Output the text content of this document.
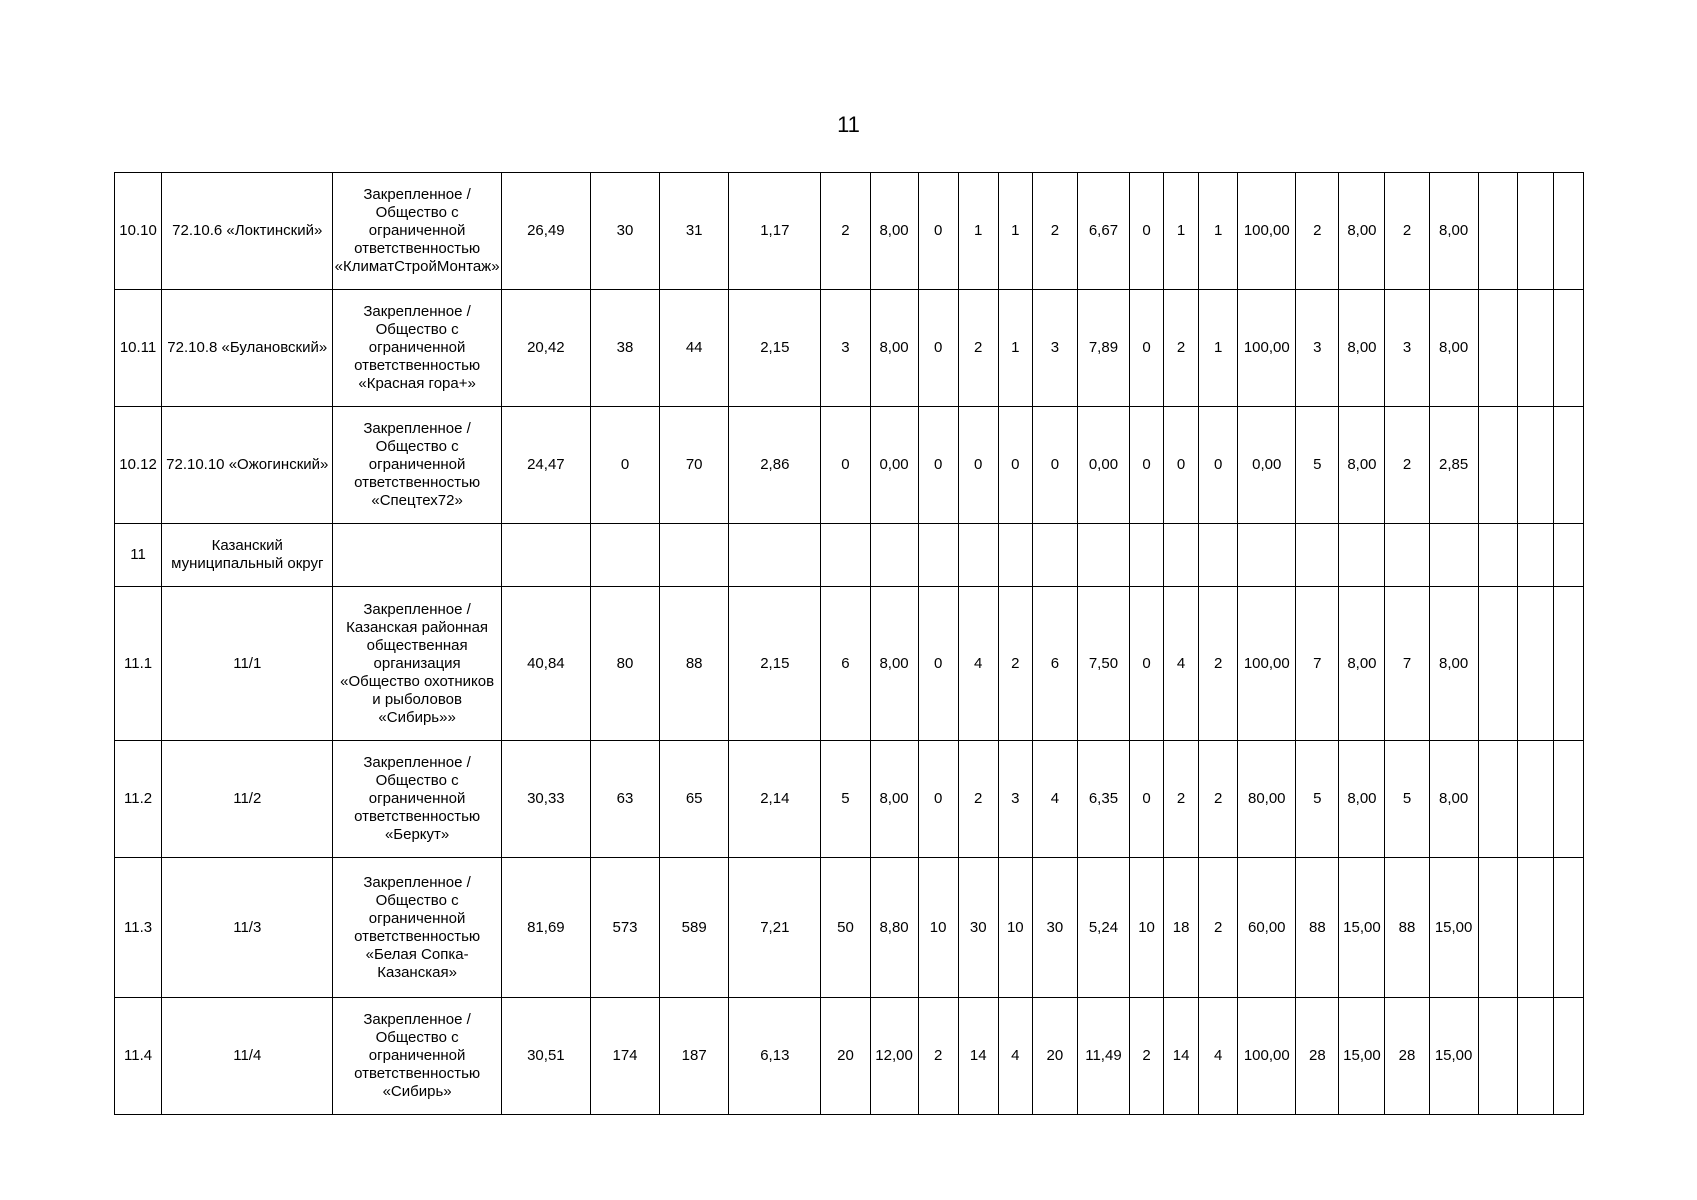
11
10.10	72.10.6 «Локтинский»	Закрепленное / Общество с ограниченной ответственностью «КлиматСтройМонтаж»	26,49	30	31	1,17	2	8,00	0	1	1	2	6,67	0	1	1	100,00	2	8,00	2	8,00			
10.11	72.10.8 «Булановский»	Закрепленное / Общество с ограниченной ответственностью «Красная гора+»	20,42	38	44	2,15	3	8,00	0	2	1	3	7,89	0	2	1	100,00	3	8,00	3	8,00			
10.12	72.10.10 «Ожогинский»	Закрепленное / Общество с ограниченной ответственностью «Спецтех72»	24,47	0	70	2,86	0	0,00	0	0	0	0	0,00	0	0	0	0,00	5	8,00	2	2,85			
11	Казанский муниципальный округ																							
11.1	11/1	Закрепленное / Казанская районная общественная организация «Общество охотников и рыболовов «Сибирь»»	40,84	80	88	2,15	6	8,00	0	4	2	6	7,50	0	4	2	100,00	7	8,00	7	8,00			
11.2	11/2	Закрепленное / Общество с ограниченной ответственностью «Беркут»	30,33	63	65	2,14	5	8,00	0	2	3	4	6,35	0	2	2	80,00	5	8,00	5	8,00			
11.3	11/3	Закрепленное / Общество с ограниченной ответственностью «Белая Сопка-Казанская»	81,69	573	589	7,21	50	8,80	10	30	10	30	5,24	10	18	2	60,00	88	15,00	88	15,00			
11.4	11/4	Закрепленное / Общество с ограниченной ответственностью «Сибирь»	30,51	174	187	6,13	20	12,00	2	14	4	20	11,49	2	14	4	100,00	28	15,00	28	15,00			
